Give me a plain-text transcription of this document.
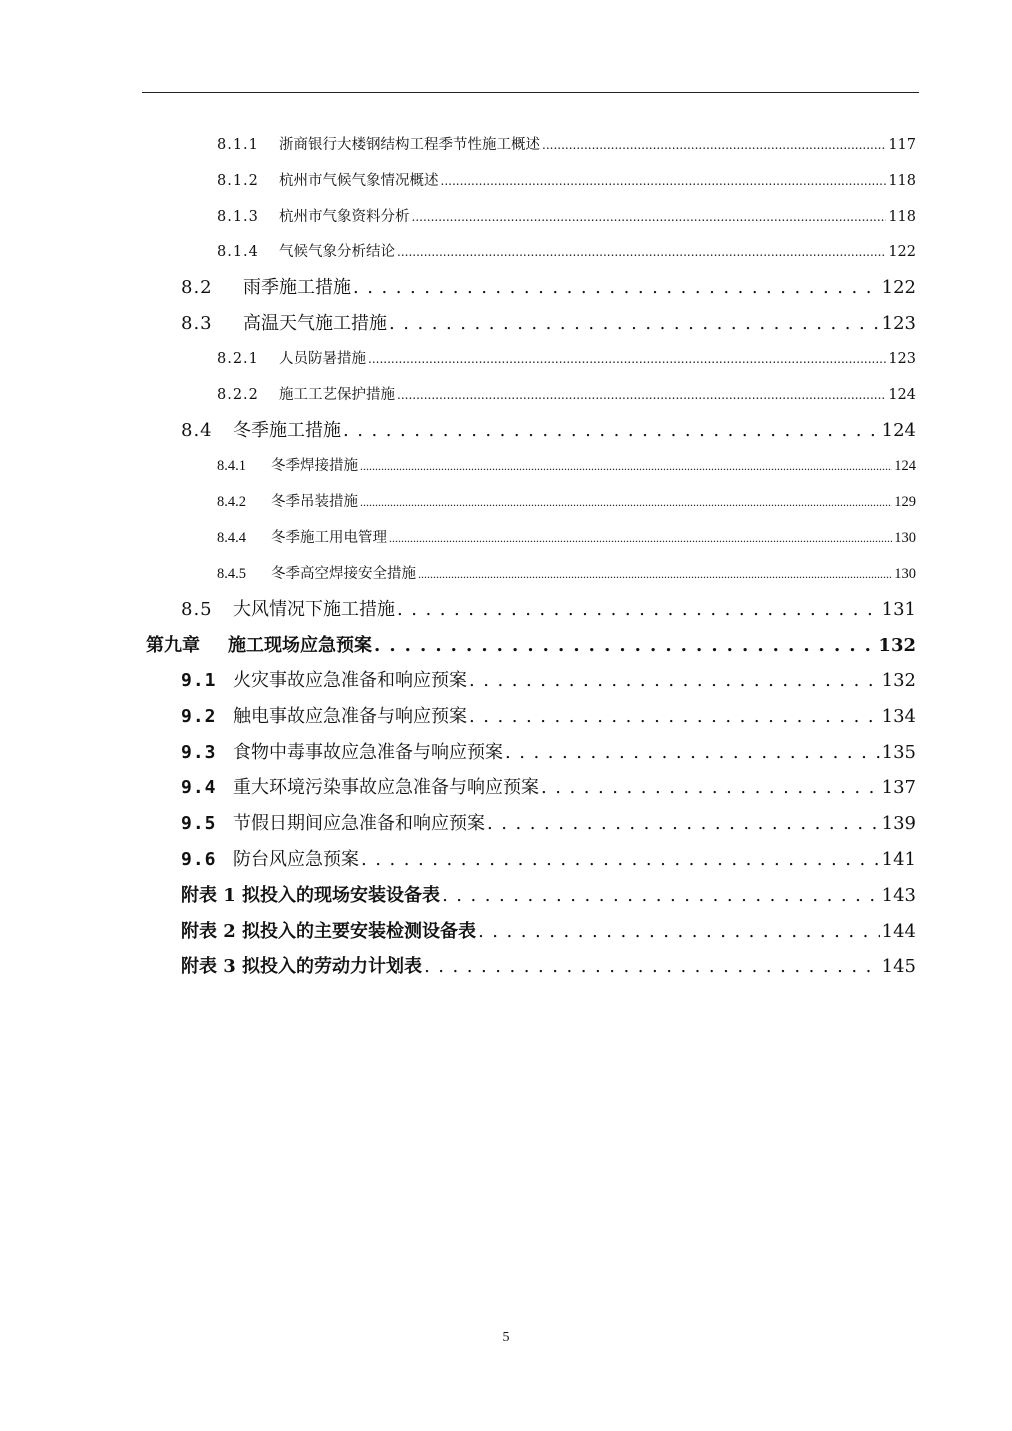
8.1.1	浙商银行大楼钢结构工程季节性施工概述 .....	117
8.1.2	杭州市气候气象情况概述 .....	118
8.1.3	杭州市气象资料分析 .....	118
8.1.4	气候气象分析结论 .....	122
8.2	雨季施工措施 . . .	122
8.3	高温天气施工措施 . . .	123
8.2.1	人员防暑措施 .....	123
8.2.2	施工工艺保护措施 .....	124
8.4	冬季施工措施 . . .	124
8.4.1	冬季焊接措施 .....	124
8.4.2	冬季吊装措施 .....	129
8.4.4	冬季施工用电管理 .....	130
8.4.5	冬季高空焊接安全措施 .....	130
8.5	大风情况下施工措施 . . .	131
第九章	施工现场应急预案 . . .	132
9.1 火灾事故应急准备和响应预案 . . .	132
9.2 触电事故应急准备与响应预案 . . .	134
9.3 食物中毒事故应急准备与响应预案 . . .	135
9.4 重大环境污染事故应急准备与响应预案 . . .	137
9.5 节假日期间应急准备和响应预案 . . .	139
9.6 防台风应急预案 . . .	141
附表 1 拟投入的现场安装设备表 . . .	143
附表 2 拟投入的主要安装检测设备表 . . .	144
附表 3 拟投入的劳动力计划表 . . .	145
5
